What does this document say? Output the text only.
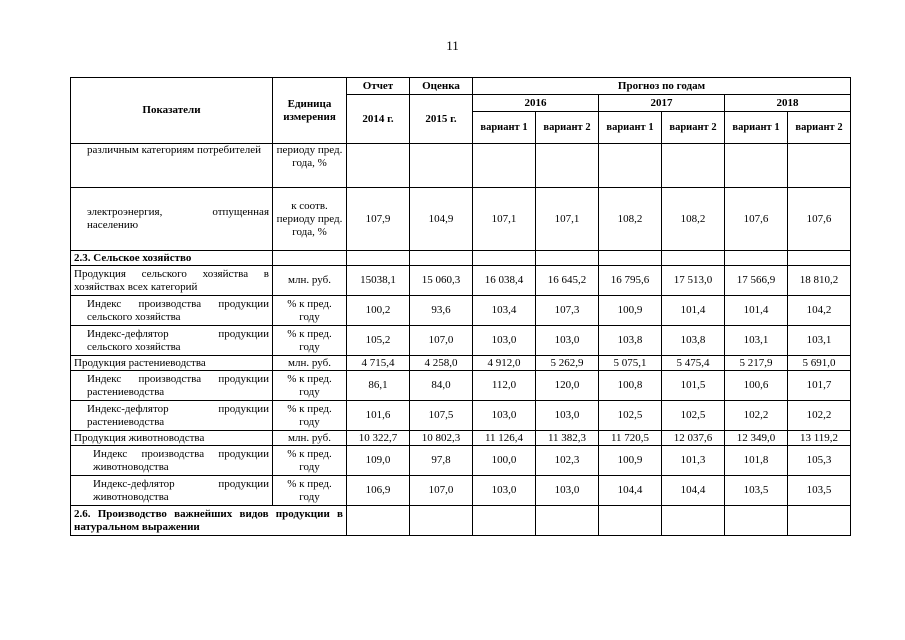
11
Показатели	Единица измерения	Отчет	Оценка	Прогноз по годам					
		2014 г.	2015 г.	2016		2017		2018	
				вариант 1	вариант 2	вариант 1	вариант 2	вариант 1	вариант 2
различным категориям потребителей	периоду пред. года, %								
электроэнергия, отпущенная населению	к соотв. периоду пред. года, %	107,9	104,9	107,1	107,1	108,2	108,2	107,6	107,6
2.3. Сельское хозяйство									
Продукция сельского хозяйства в хозяйствах всех категорий	млн. руб.	15038,1	15 060,3	16 038,4	16 645,2	16 795,6	17 513,0	17 566,9	18 810,2
Индекс производства продукции сельского хозяйства	% к пред. году	100,2	93,6	103,4	107,3	100,9	101,4	101,4	104,2
Индекс-дефлятор продукции сельского хозяйства	% к пред. году	105,2	107,0	103,0	103,0	103,8	103,8	103,1	103,1
Продукция растениеводства	млн. руб.	4 715,4	4 258,0	4 912,0	5 262,9	5 075,1	5 475,4	5 217,9	5 691,0
Индекс производства продукции растениеводства	% к пред. году	86,1	84,0	112,0	120,0	100,8	101,5	100,6	101,7
Индекс-дефлятор продукции растениеводства	% к пред. году	101,6	107,5	103,0	103,0	102,5	102,5	102,2	102,2
Продукция животноводства	млн. руб.	10 322,7	10 802,3	11 126,4	11 382,3	11 720,5	12 037,6	12 349,0	13 119,2
Индекс производства продукции животноводства	% к пред. году	109,0	97,8	100,0	102,3	100,9	101,3	101,8	105,3
Индекс-дефлятор продукции животноводства	% к пред. году	106,9	107,0	103,0	103,0	104,4	104,4	103,5	103,5
2.6. Производство важнейших видов продукции в натуральном выражении									
